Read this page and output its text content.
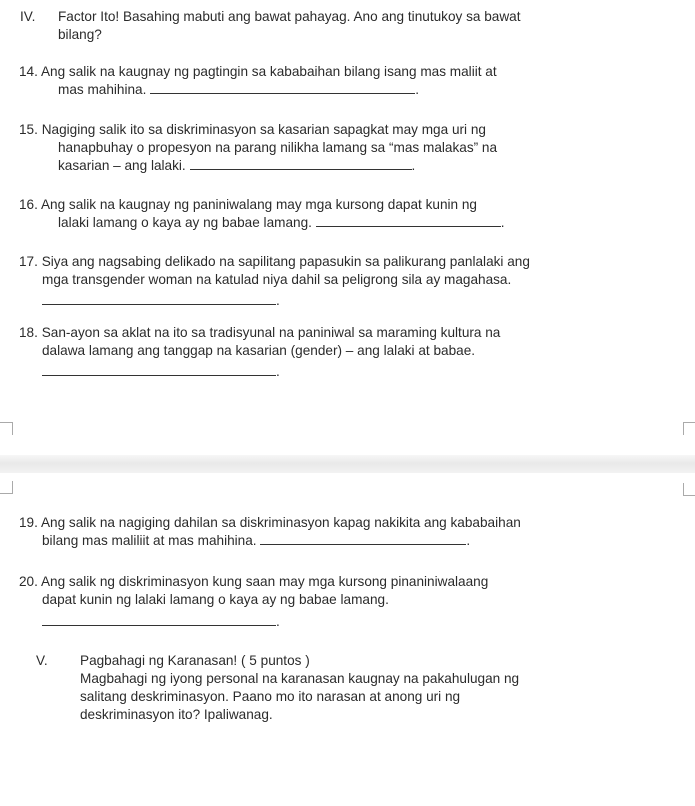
IV. Factor Ito! Basahing mabuti ang bawat pahayag. Ano ang tinutukoy sa bawat
bilang?
14. Ang salik na kaugnay ng pagtingin sa kababaihan bilang isang mas maliit at
mas mahihina.	.
15. Nagiging salik ito sa diskriminasyon sa kasarian sapagkat may mga uri ng
hanapbuhay o propesyon na parang nilikha lamang sa “mas malakas” na
kasarian – ang lalaki.	.
16. Ang salik na kaugnay ng paniniwalang may mga kursong dapat kunin ng
lalaki lamang o kaya ay ng babae lamang.	.
17. Siya ang nagsabing delikado na sapilitang papasukin sa palikurang panlalaki ang
mga transgender woman na katulad niya dahil sa peligrong sila ay magahasa.
.
18. San-ayon sa aklat na ito sa tradisyunal na paniniwal sa maraming kultura na
dalawa lamang ang tanggap na kasarian (gender) – ang lalaki at babae.
.
19. Ang salik na nagiging dahilan sa diskriminasyon kapag nakikita ang kababaihan
bilang mas maliliit at mas mahihina.	.
20. Ang salik ng diskriminasyon kung saan may mga kursong pinaniniwalaang
dapat kunin ng lalaki lamang o kaya ay ng babae lamang.
.
V. Pagbahagi ng Karanasan! ( 5 puntos )
Magbahagi ng iyong personal na karanasan kaugnay na pakahulugan ng
salitang deskriminasyon. Paano mo ito narasan at anong uri ng
deskriminasyon ito? Ipaliwanag.
